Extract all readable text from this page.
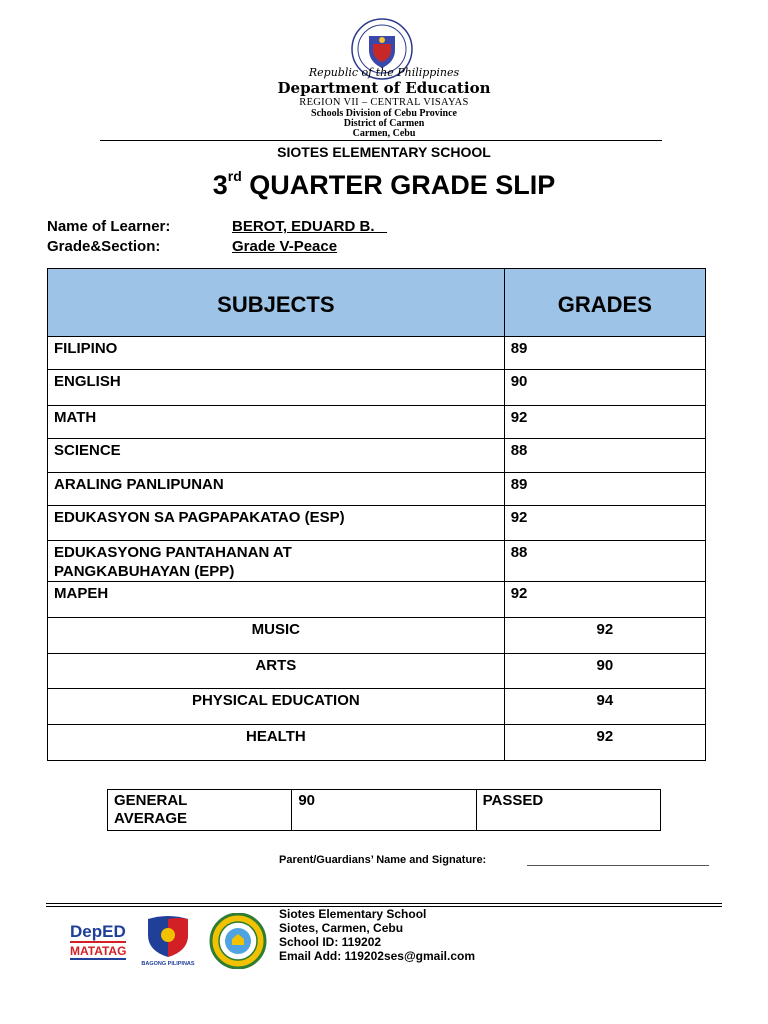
Republic of the Philippines
Department of Education
REGION VII – CENTRAL VISAYAS
Schools Division of Cebu Province
District of Carmen
Carmen, Cebu
SIOTES ELEMENTARY SCHOOL
3rd QUARTER GRADE SLIP
Name of Learner:	BEROT, EDUARD B.
Grade&Section:	Grade V-Peace
SUBJECTS	GRADES
FILIPINO	89
ENGLISH	90
MATH	92
SCIENCE	88
ARALING PANLIPUNAN	89
EDUKASYON SA PAGPAPAKATAO (ESP)	92
EDUKASYONG PANTAHANAN AT PANGKABUHAYAN (EPP)	88
MAPEH	92
MUSIC	92
ARTS	90
PHYSICAL EDUCATION	94
HEALTH	92
GENERAL AVERAGE	90	PASSED
Parent/Guardians’ Name and Signature:
DepED
MATATAG
BAGONG PILIPINAS
Siotes Elementary School
Siotes, Carmen, Cebu
School ID: 119202
Email Add: 119202ses@gmail.com
